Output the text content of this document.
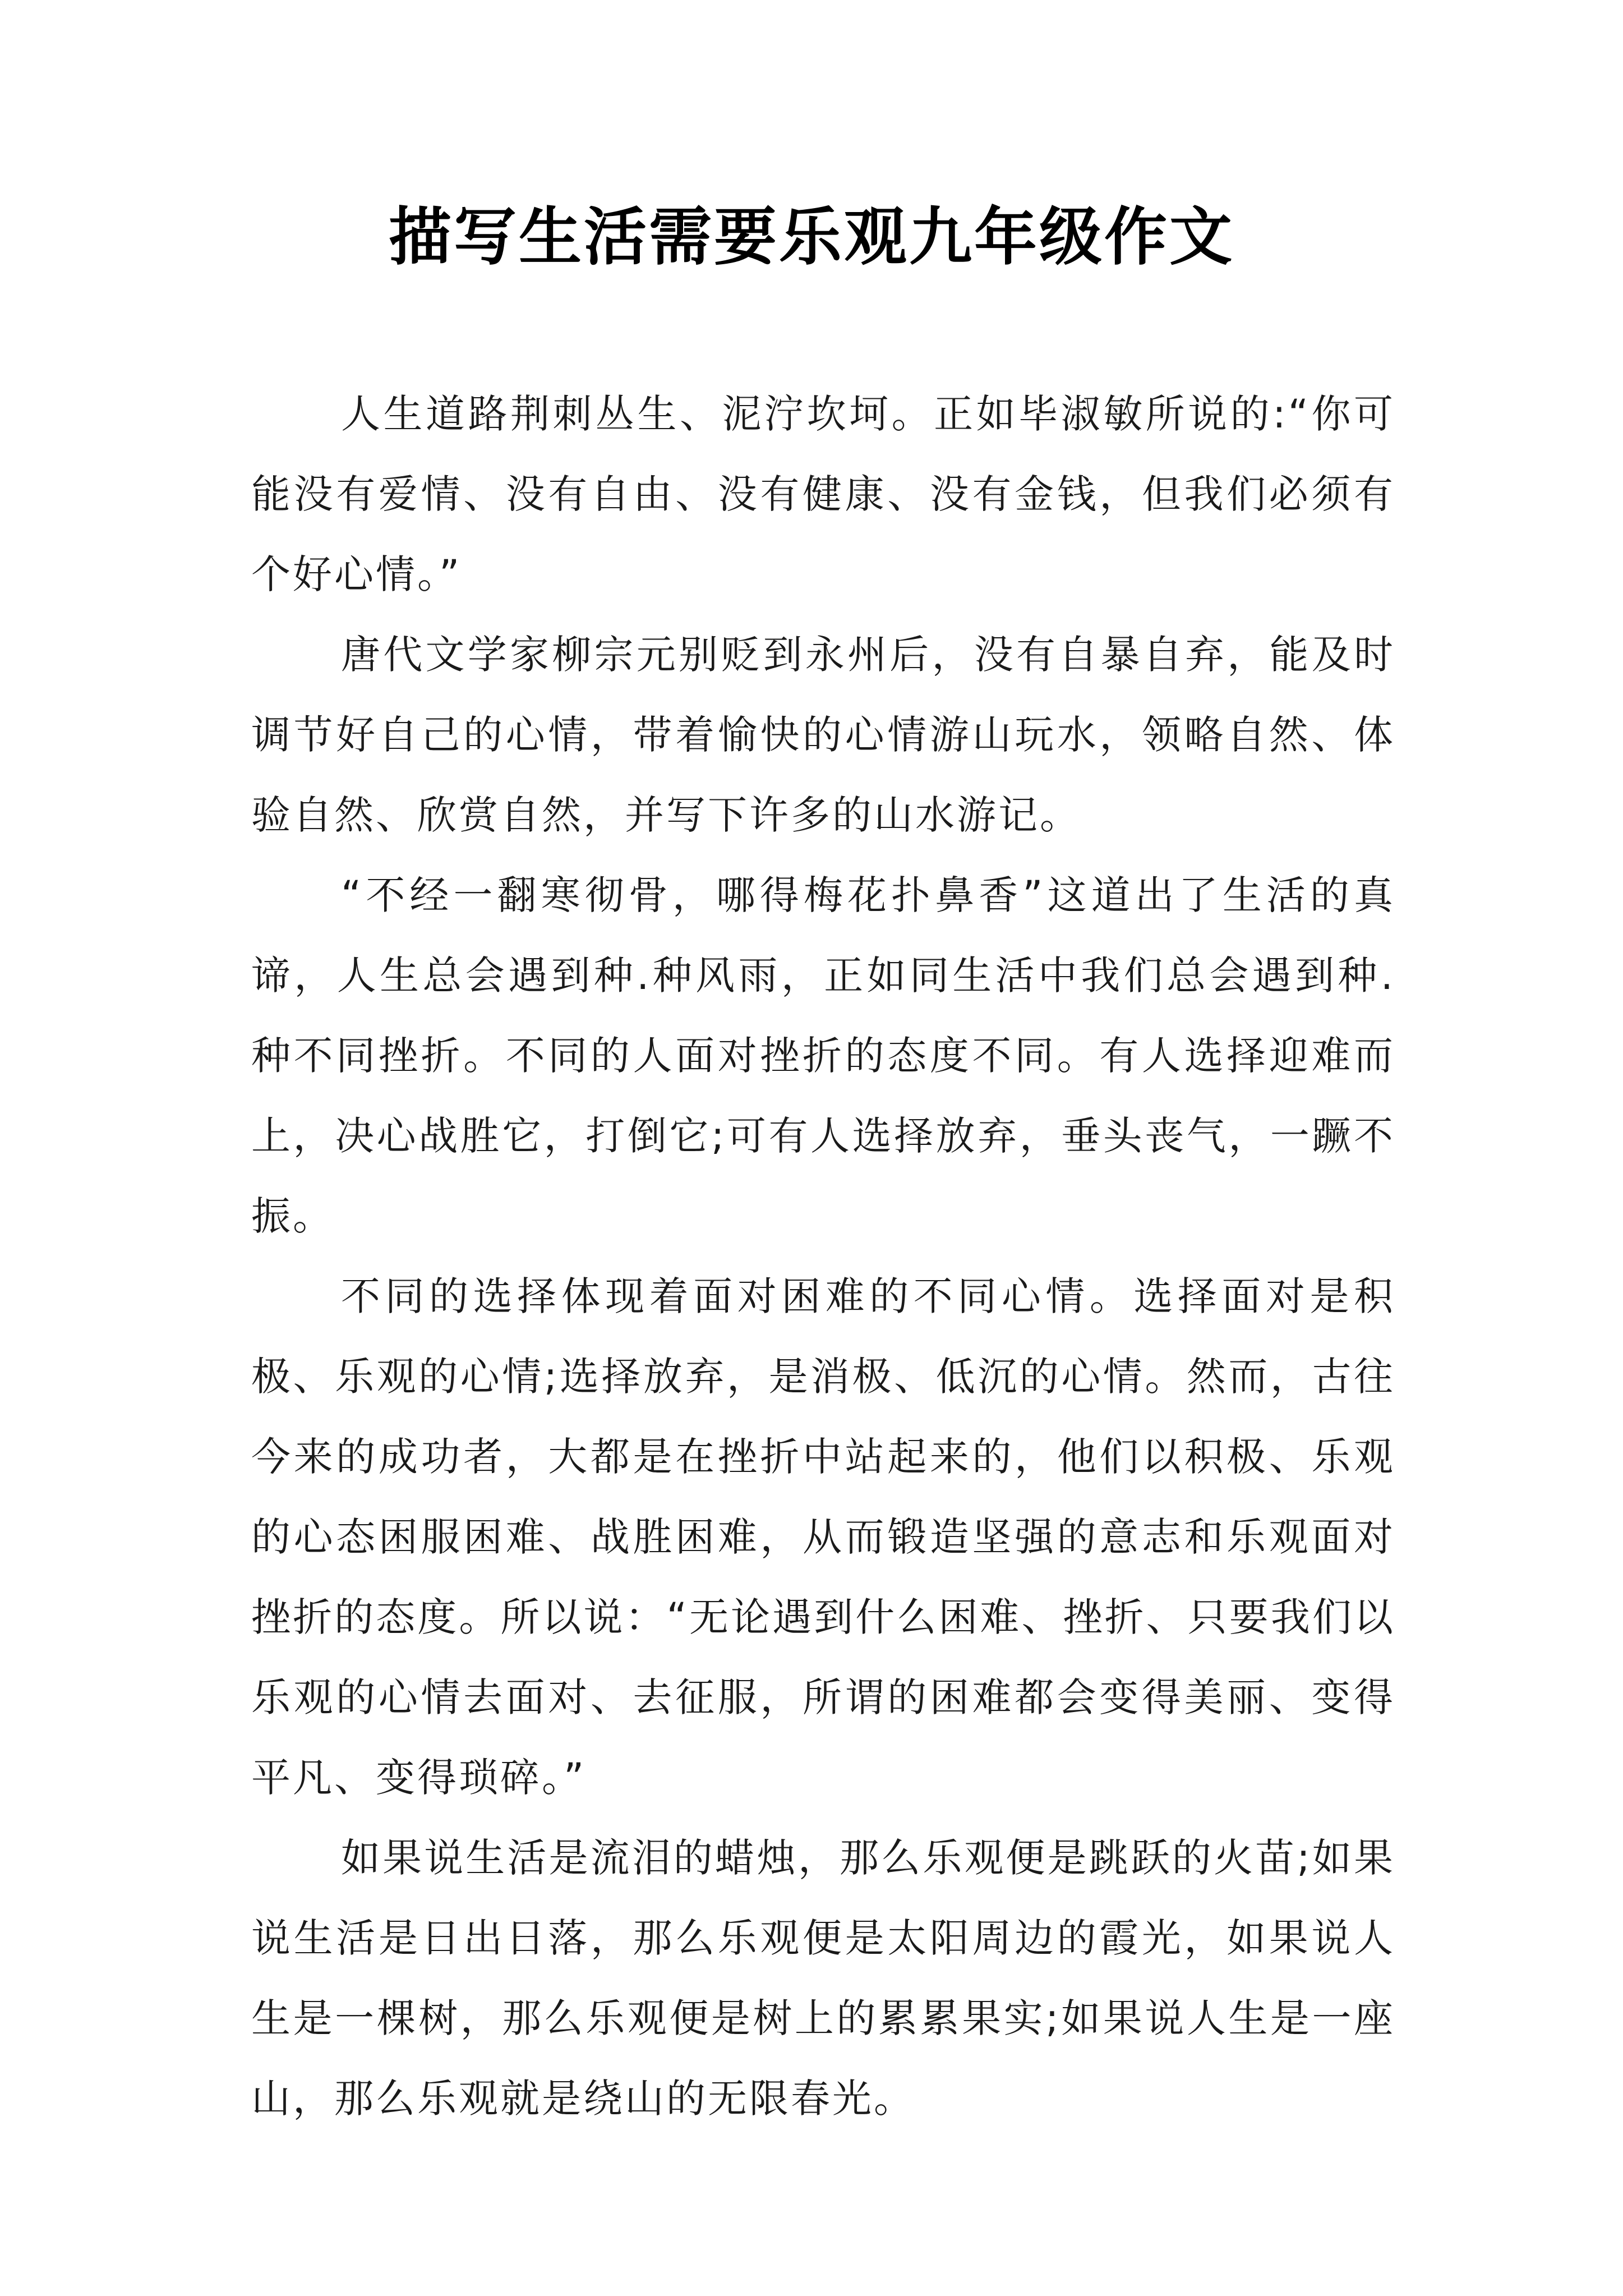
描写生活需要乐观九年级作文

人生道路荆刺丛生、泥泞坎坷。正如毕淑敏所说的:“你可能没有爱情、没有自由、没有健康、没有金钱，但我们必须有个好心情。”

唐代文学家柳宗元别贬到永州后，没有自暴自弃，能及时调节好自己的心情，带着愉快的心情游山玩水，领略自然、体验自然、欣赏自然，并写下许多的山水游记。

“不经一翻寒彻骨，哪得梅花扑鼻香”这道出了生活的真谛，人生总会遇到种.种风雨，正如同生活中我们总会遇到种.种不同挫折。不同的人面对挫折的态度不同。有人选择迎难而上，决心战胜它，打倒它;可有人选择放弃，垂头丧气，一蹶不振。

不同的选择体现着面对困难的不同心情。选择面对是积极、乐观的心情;选择放弃，是消极、低沉的心情。然而，古往今来的成功者，大都是在挫折中站起来的，他们以积极、乐观的心态困服困难、战胜困难，从而锻造坚强的意志和乐观面对挫折的态度。所以说：“无论遇到什么困难、挫折、只要我们以乐观的心情去面对、去征服，所谓的困难都会变得美丽、变得平凡、变得琐碎。”

如果说生活是流泪的蜡烛，那么乐观便是跳跃的火苗;如果说生活是日出日落，那么乐观便是太阳周边的霞光，如果说人生是一棵树，那么乐观便是树上的累累果实;如果说人生是一座山，那么乐观就是绕山的无限春光。
